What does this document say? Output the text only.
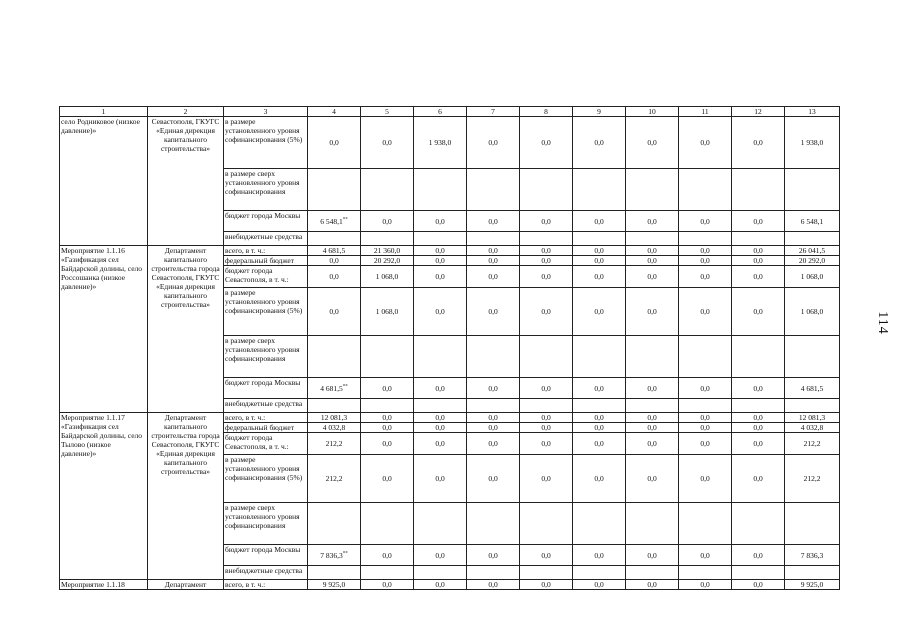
1	2	3	4	5	6	7	8	9	10	11	12	13
село Родниковое (низкое давление)»	Севастополя, ГКУГС «Единая дирекция капитального строительства»	в размере установленного уровня софинансирования (5%)	0,0	0,0	1 938,0	0,0	0,0	0,0	0,0	0,0	0,0	1 938,0
		в размере сверх установленного уровня софинансирования										
		бюджет города Москвы	6 548,1**	0,0	0,0	0,0	0,0	0,0	0,0	0,0	0,0	6 548,1
		внебюджетные средства										
Мероприятие 1.1.16 «Газификация сел Байдарской долины, село Россошанка (низкое давление)»	Департамент капитального строительства города Севастополя, ГКУГС «Единая дирекция капитального строительства»	всего, в т. ч.:	4 681,5	21 360,0	0,0	0,0	0,0	0,0	0,0	0,0	0,0	26 041,5
		федеральный бюджет	0,0	20 292,0	0,0	0,0	0,0	0,0	0,0	0,0	0,0	20 292,0
		бюджет города Севастополя, в т. ч.:	0,0	1 068,0	0,0	0,0	0,0	0,0	0,0	0,0	0,0	1 068,0
		в размере установленного уровня софинансирования (5%)	0,0	1 068,0	0,0	0,0	0,0	0,0	0,0	0,0	0,0	1 068,0
		в размере сверх установленного уровня софинансирования										
		бюджет города Москвы	4 681,5**	0,0	0,0	0,0	0,0	0,0	0,0	0,0	0,0	4 681,5
		внебюджетные средства										
Мероприятие 1.1.17 «Газификация сел Байдарской долины, село Тылово (низкое давление)»	Департамент капитального строительства города Севастополя, ГКУГС «Единая дирекция капитального строительства»	всего, в т. ч.:	12 081,3	0,0	0,0	0,0	0,0	0,0	0,0	0,0	0,0	12 081,3
		федеральный бюджет	4 032,8	0,0	0,0	0,0	0,0	0,0	0,0	0,0	0,0	4 032,8
		бюджет города Севастополя, в т. ч.:	212,2	0,0	0,0	0,0	0,0	0,0	0,0	0,0	0,0	212,2
		в размере установленного уровня софинансирования (5%)	212,2	0,0	0,0	0,0	0,0	0,0	0,0	0,0	0,0	212,2
		в размере сверх установленного уровня софинансирования										
		бюджет города Москвы	7 836,3**	0,0	0,0	0,0	0,0	0,0	0,0	0,0	0,0	7 836,3
		внебюджетные средства										
Мероприятие 1.1.18	Департамент	всего, в т. ч.:	9 925,0	0,0	0,0	0,0	0,0	0,0	0,0	0,0	0,0	9 925,0
114
